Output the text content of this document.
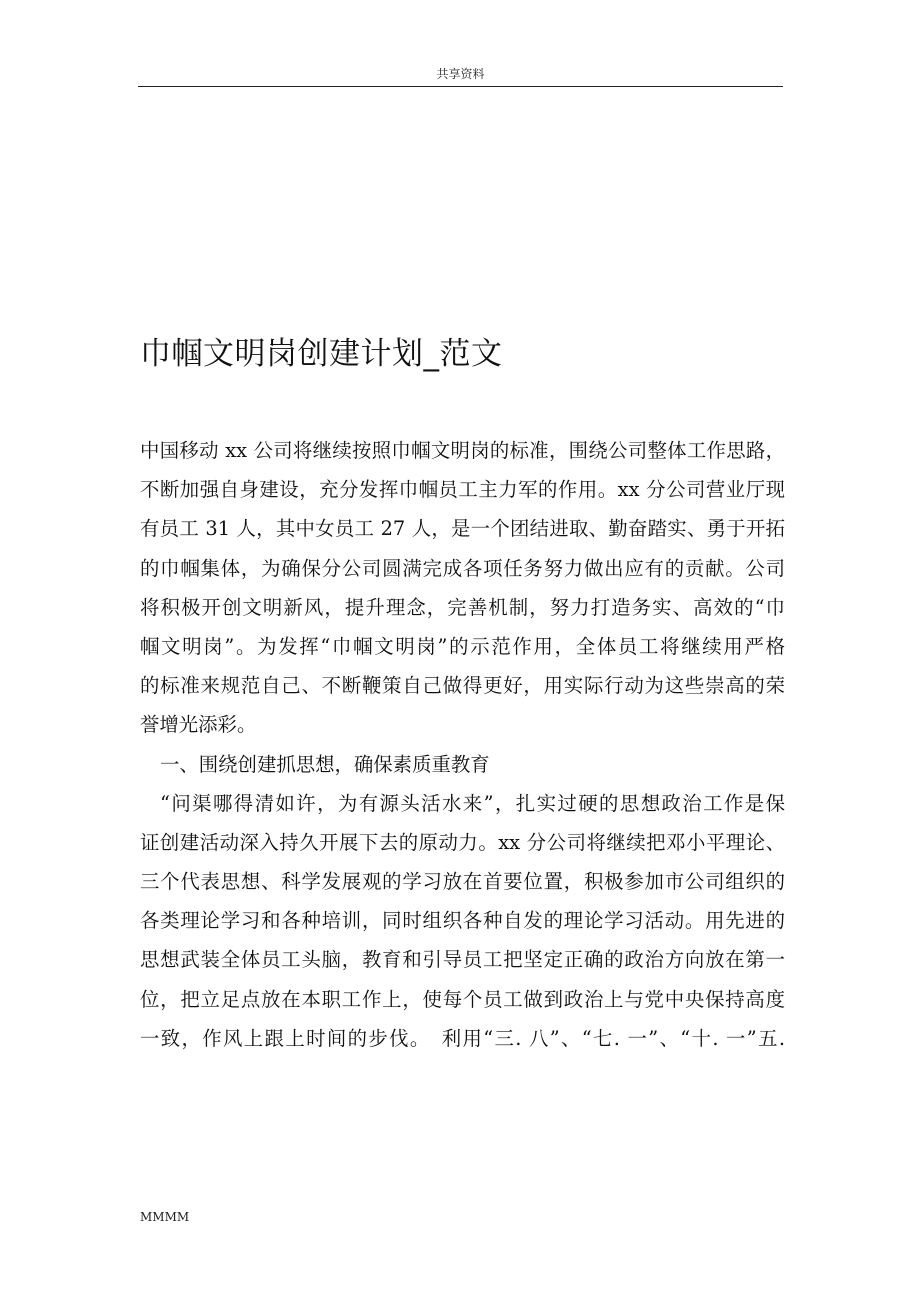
共享资料
巾帼文明岗创建计划_范文
中国移动 xx 公司将继续按照巾帼文明岗的标准，围绕公司整体工作思路，
不断加强自身建设，充分发挥巾帼员工主力军的作用。xx 分公司营业厅现
有员工 31 人，其中女员工 27 人，是一个团结进取、勤奋踏实、勇于开拓
的巾帼集体，为确保分公司圆满完成各项任务努力做出应有的贡献。公司
将积极开创文明新风，提升理念，完善机制，努力打造务实、高效的“巾
帼文明岗”。为发挥“巾帼文明岗”的示范作用，全体员工将继续用严格
的标准来规范自己、不断鞭策自己做得更好，用实际行动为这些崇高的荣
誉增光添彩。
一、围绕创建抓思想，确保素质重教育
“问渠哪得清如许，为有源头活水来”，扎实过硬的思想政治工作是保
证创建活动深入持久开展下去的原动力。xx 分公司将继续把邓小平理论、
三个代表思想、科学发展观的学习放在首要位置，积极参加市公司组织的
各类理论学习和各种培训，同时组织各种自发的理论学习活动。用先进的
思想武装全体员工头脑，教育和引导员工把坚定正确的政治方向放在第一
位，把立足点放在本职工作上，使每个员工做到政治上与党中央保持高度
一致，作风上跟上时间的步伐。　利用“三. 八”、“七. 一”、“十. 一”五.
MMMM
